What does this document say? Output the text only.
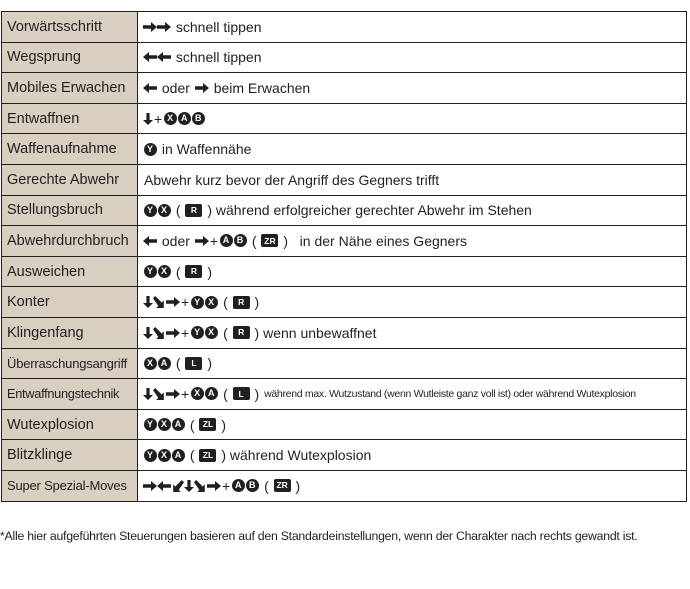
Vorwärtsschritt	schnell tippen
Wegsprung	schnell tippen
Mobiles Erwachen	oder beim Erwachen
Entwaffnen	+ X A B
Waffenaufnahme	Y in Waffennähe
Gerechte Abwehr	Abwehr kurz bevor der Angriff des Gegners trifft
Stellungsbruch	Y X ( R ) während erfolgreicher gerechter Abwehr im Stehen
Abwehrdurchbruch	oder + A B ( ZR )   in der Nähe eines Gegners
Ausweichen	Y X ( R )
Konter	+ Y X ( R )
Klingenfang	+ Y X ( R ) wenn unbewaffnet
Überraschungsangriff	X A ( L )
Entwaffnungstechnik	+ X A ( L ) während max. Wutzustand (wenn Wutleiste ganz voll ist) oder während Wutexplosion
Wutexplosion	Y X A ( ZL )
Blitzklinge	Y X A ( ZL ) während Wutexplosion
Super Spezial-Moves	+ A B ( ZR )
*Alle hier aufgeführten Steuerungen basieren auf den Standardeinstellungen, wenn der Charakter nach rechts gewandt ist.
